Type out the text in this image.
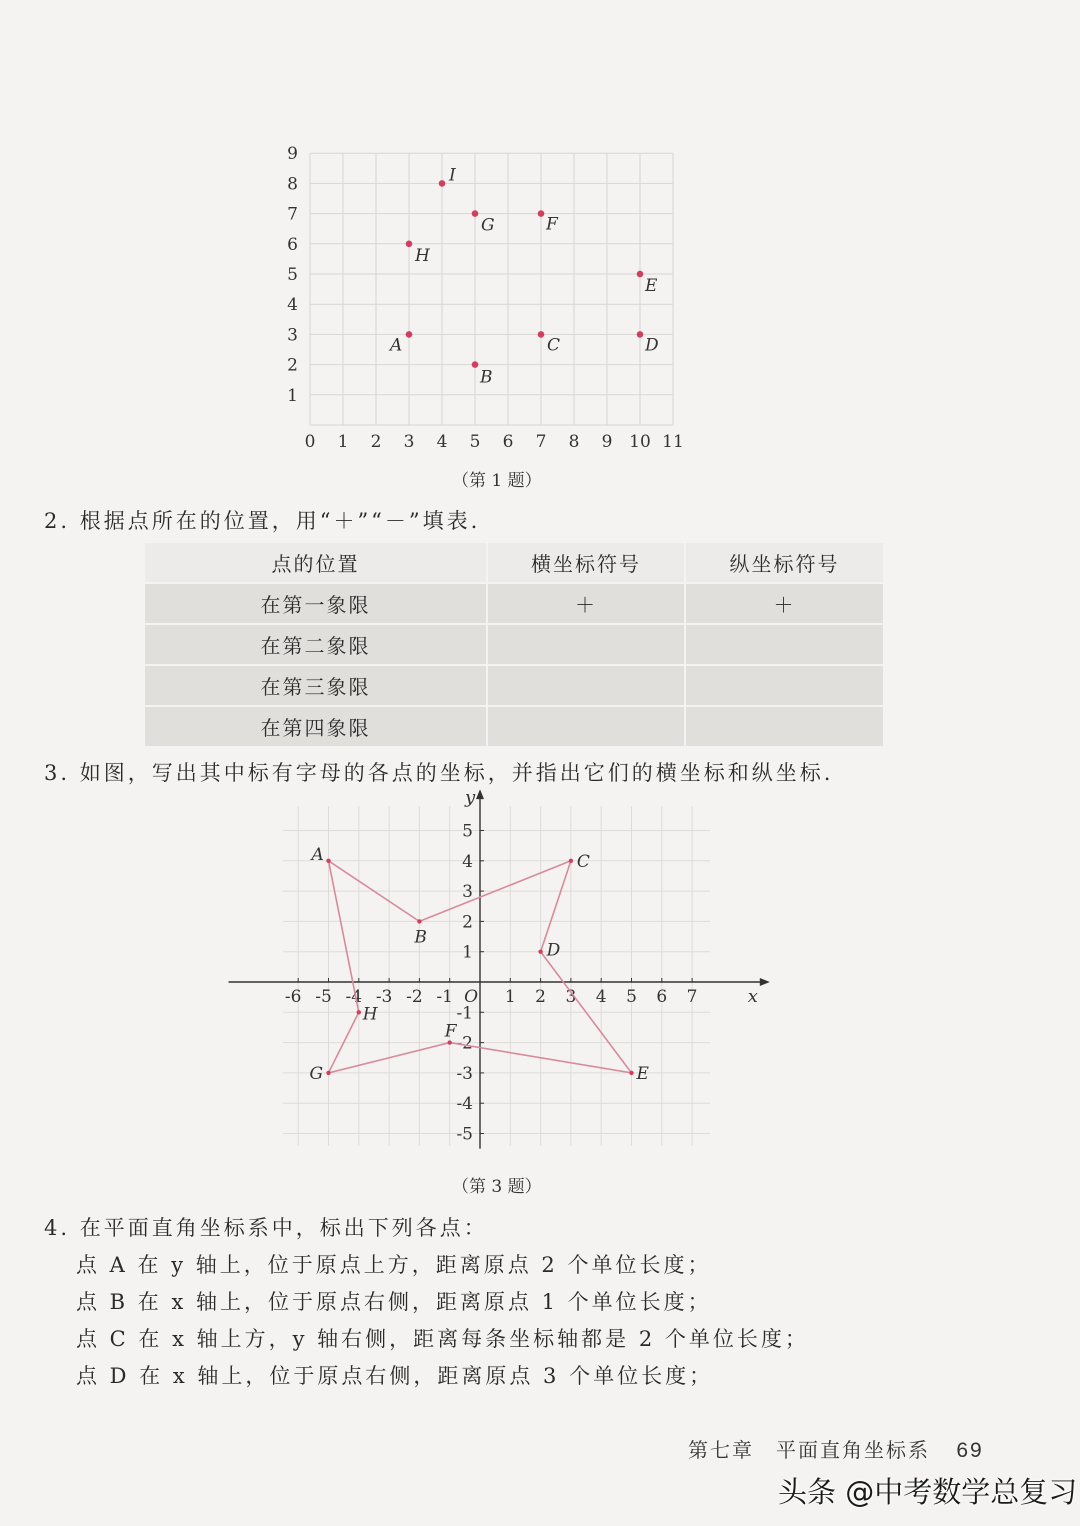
0 1 2 3 4 5 6 7 8 9 10 11
1
2
3
4
5
6
7
8
9
A
B
C	D
E
F
G
H
I
（第 1 题）
2. 根据点所在的位置，用“＋”“－”填表.
点的位置	横坐标符号	纵坐标符号
在第一象限	＋	＋
在第二象限		
在第三象限		
在第四象限		
3. 如图，写出其中标有字母的各点的坐标，并指出它们的横坐标和纵坐标.
-6 -5 -4 -3 -2 -1	1 2 3 4 5 6 7
5
4
3
2
1
-1
-2
-3
-4
-5
O	x
y
A
B
C
D
E
F
G
H
（第 3 题）
4. 在平面直角坐标系中，标出下列各点：
点 A 在 y 轴上，位于原点上方，距离原点 2 个单位长度；
点 B 在 x 轴上，位于原点右侧，距离原点 1 个单位长度；
点 C 在 x 轴上方，y 轴右侧，距离每条坐标轴都是 2 个单位长度；
点 D 在 x 轴上，位于原点右侧，距离原点 3 个单位长度；
第七章　平面直角坐标系 69
头条 @中考数学总复习
